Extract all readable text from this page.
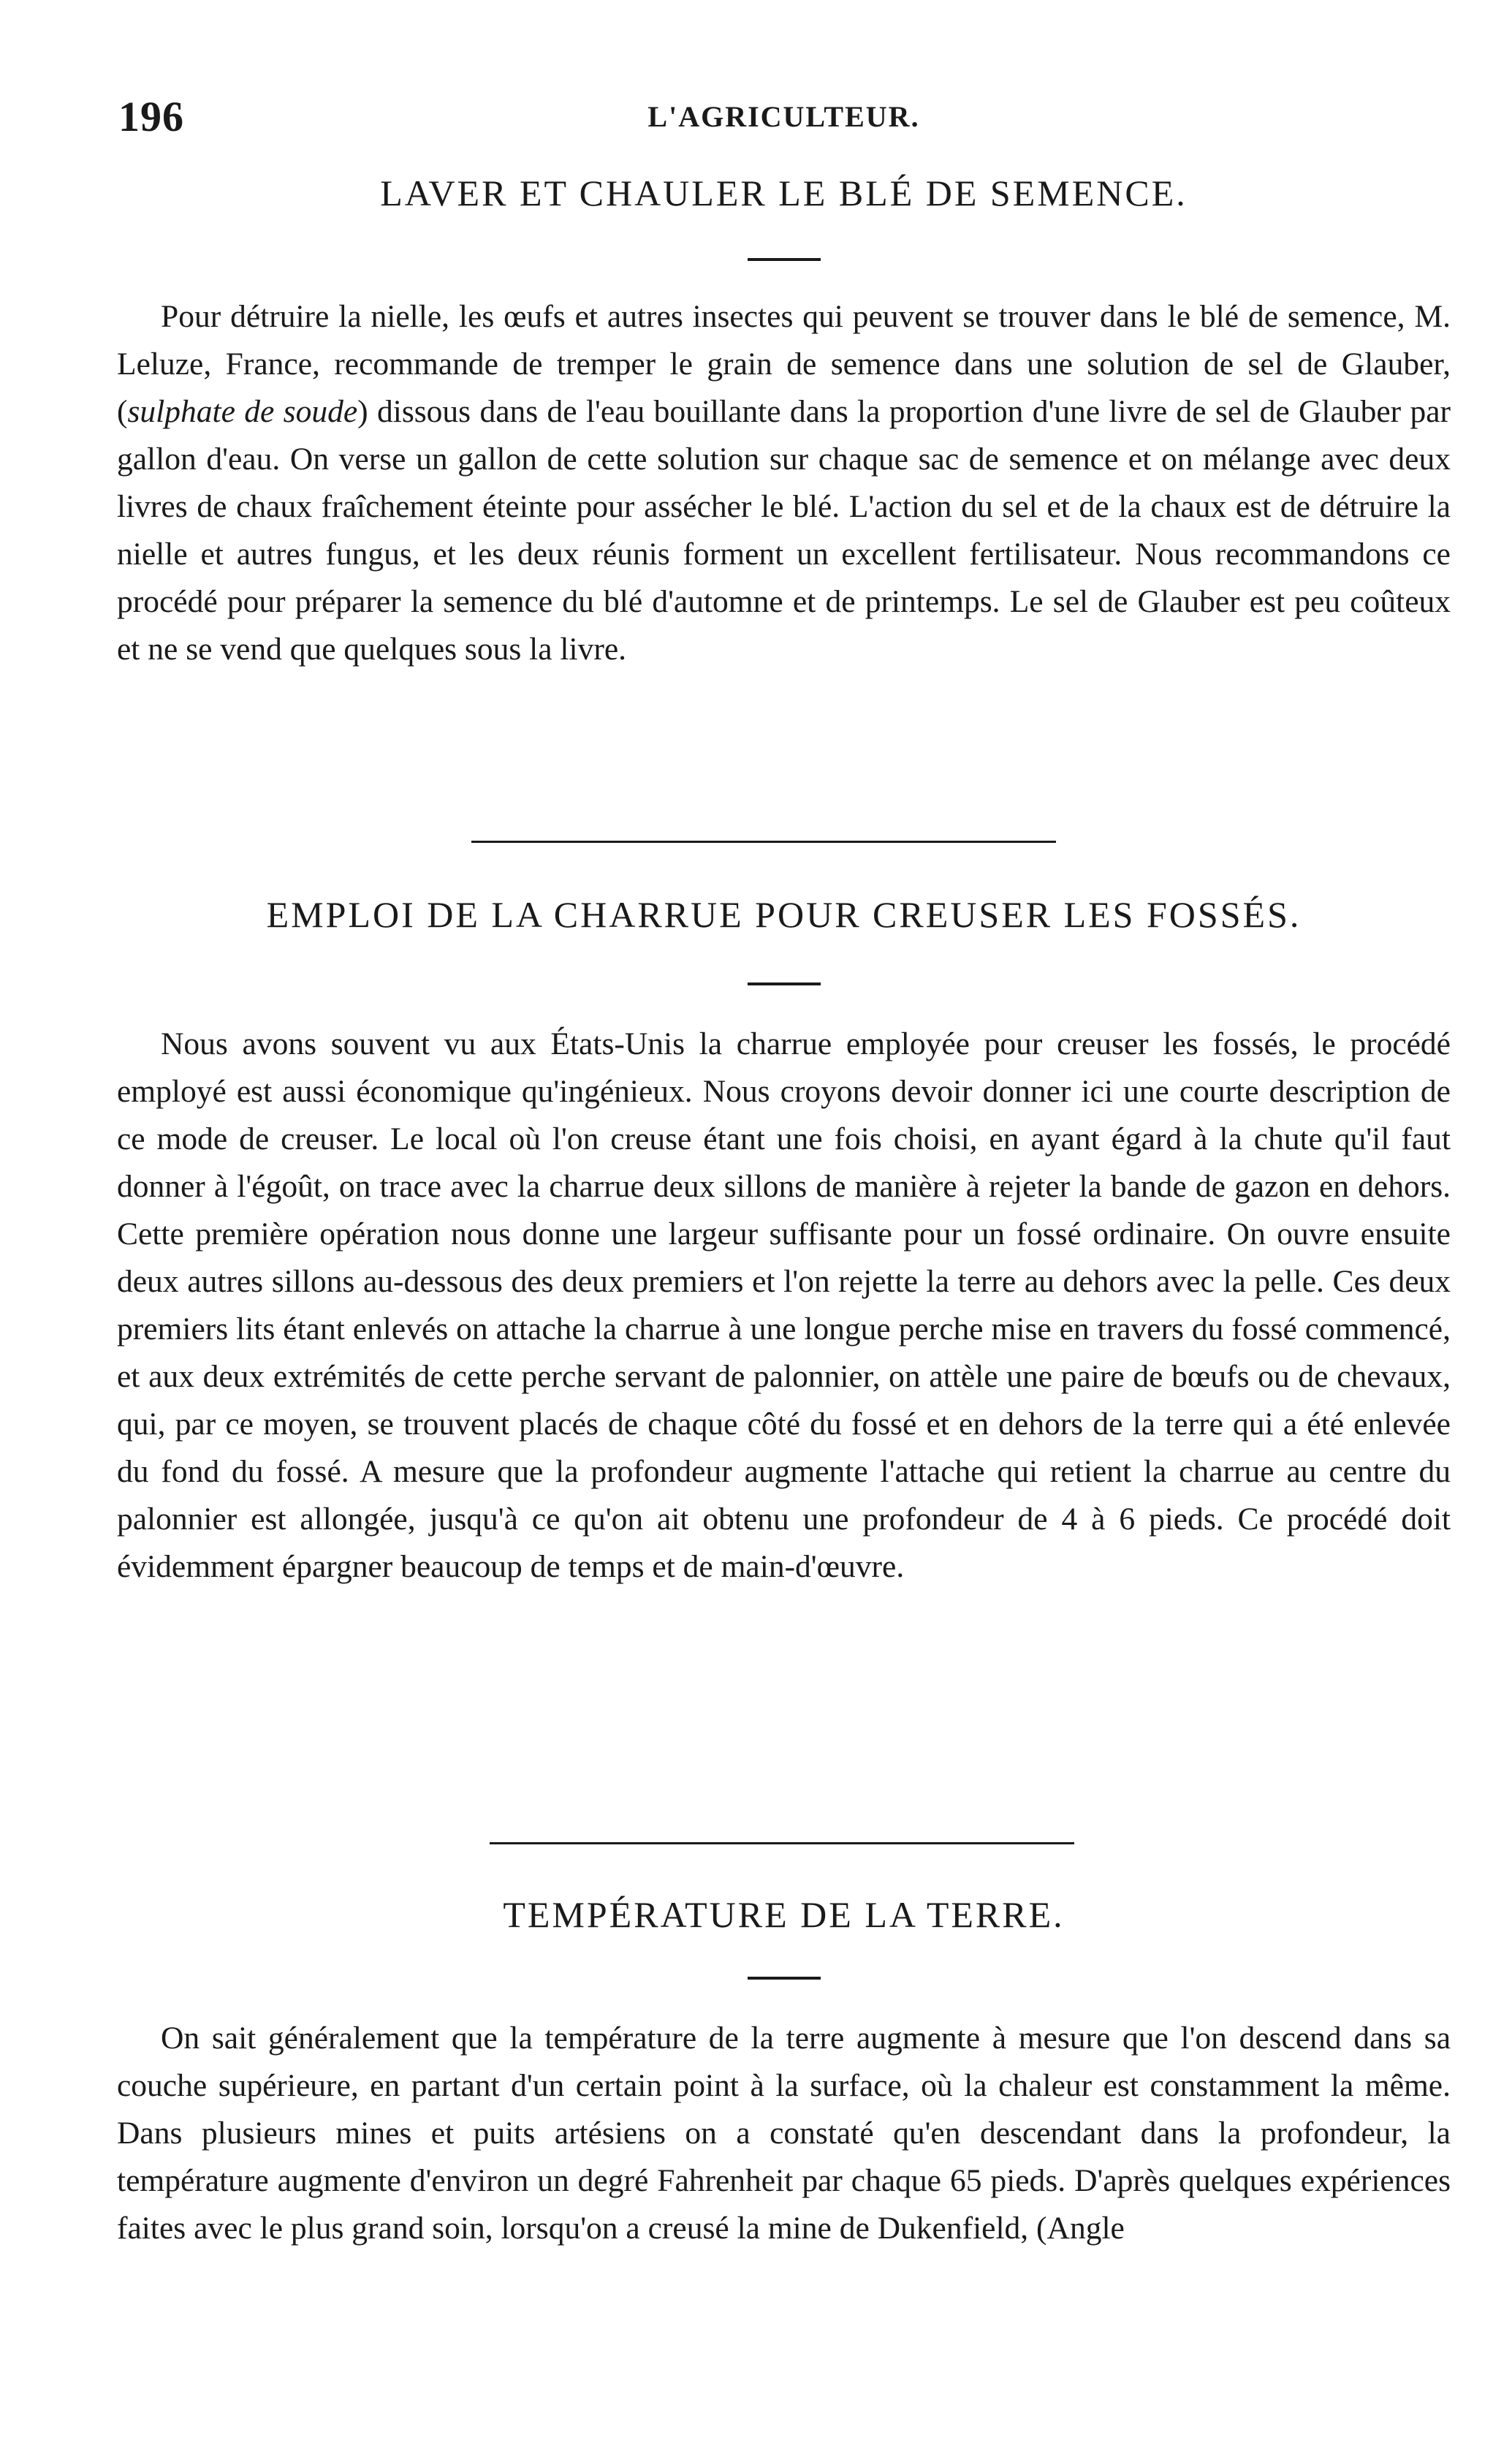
196	L'AGRICULTEUR.
LAVER ET CHAULER LE BLÉ DE SEMENCE.

Pour détruire la nielle, les œufs et autres insectes qui peuvent se trouver dans le blé de semence, M. Leluze, France, recommande de tremper le grain de semence dans une solution de sel de Glauber, (sulphate de soude) dissous dans de l'eau bouillante dans la proportion d'une livre de sel de Glauber par gallon d'eau. On verse un gallon de cette solution sur chaque sac de semence et on mélange avec deux livres de chaux fraîchement éteinte pour assécher le blé. L'action du sel et de la chaux est de détruire la nielle et autres fungus, et les deux réunis forment un excellent fertilisateur. Nous recommandons ce procédé pour préparer la semence du blé d'automne et de printemps. Le sel de Glauber est peu coûteux et ne se vend que quelques sous la livre.

EMPLOI DE LA CHARRUE POUR CREUSER LES FOSSÉS.

Nous avons souvent vu aux États-Unis la charrue employée pour creuser les fossés, le procédé employé est aussi économique qu'ingénieux. Nous croyons devoir donner ici une courte description de ce mode de creuser. Le local où l'on creuse étant une fois choisi, en ayant égard à la chute qu'il faut donner à l'égoût, on trace avec la charrue deux sillons de manière à rejeter la bande de gazon en dehors. Cette première opération nous donne une largeur suffisante pour un fossé ordinaire. On ouvre ensuite deux autres sillons au-dessous des deux premiers et l'on rejette la terre au dehors avec la pelle. Ces deux premiers lits étant enlevés on attache la charrue à une longue perche mise en travers du fossé commencé, et aux deux extrémités de cette perche servant de palonnier, on attèle une paire de bœufs ou de chevaux, qui, par ce moyen, se trouvent placés de chaque côté du fossé et en dehors de la terre qui a été enlevée du fond du fossé. A mesure que la profondeur augmente l'attache qui retient la charrue au centre du palonnier est allongée, jusqu'à ce qu'on ait obtenu une profondeur de 4 à 6 pieds. Ce procédé doit évidemment épargner beaucoup de temps et de main-d'œuvre.

TEMPÉRATURE DE LA TERRE.

On sait généralement que la température de la terre augmente à mesure que l'on descend dans sa couche supérieure, en partant d'un certain point à la surface, où la chaleur est constamment la même. Dans plusieurs mines et puits artésiens on a constaté qu'en descendant dans la profondeur, la température augmente d'environ un degré Fahrenheit par chaque 65 pieds. D'après quelques expériences faites avec le plus grand soin, lorsqu'on a creusé la mine de Dukenfield, (Angle
